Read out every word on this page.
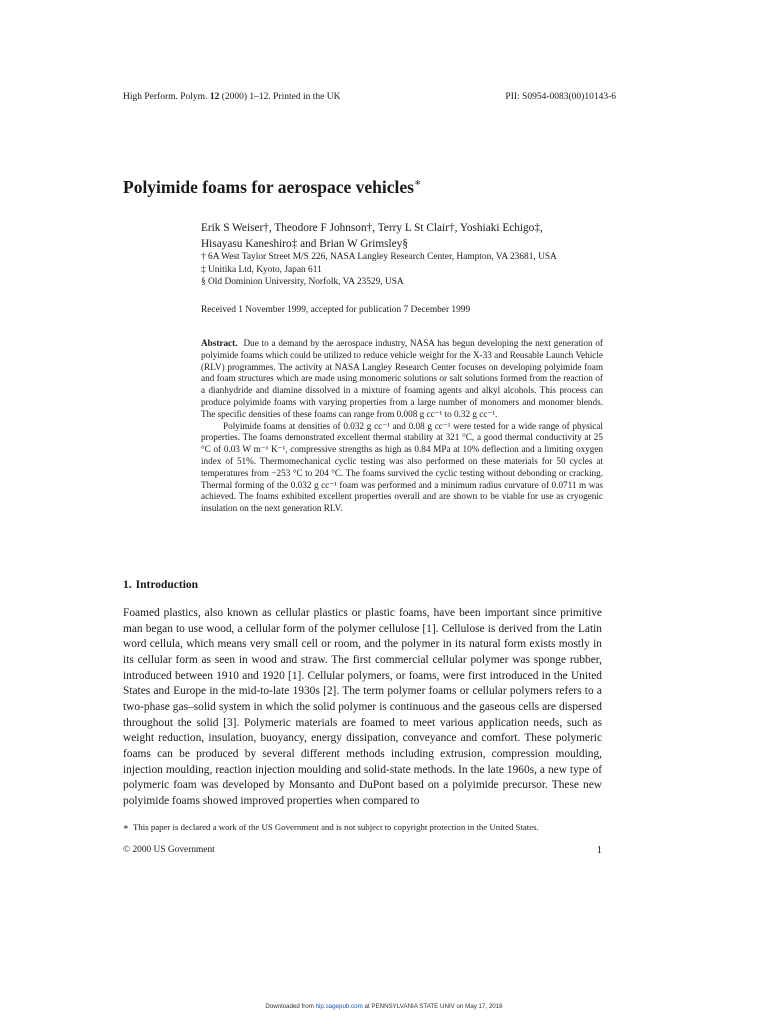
High Perform. Polym. 12 (2000) 1–12. Printed in the UK	PII: S0954-0083(00)10143-6
Polyimide foams for aerospace vehicles∗
Erik S Weiser†, Theodore F Johnson†, Terry L St Clair†, Yoshiaki Echigo‡,
Hisayasu Kaneshiro‡ and Brian W Grimsley§
† 6A West Taylor Street M/S 226, NASA Langley Research Center, Hampton, VA 23681, USA
‡ Unitika Ltd, Kyoto, Japan 611
§ Old Dominion University, Norfolk, VA 23529, USA
Received 1 November 1999, accepted for publication 7 December 1999

Abstract. Due to a demand by the aerospace industry, NASA has begun developing the next generation of polyimide foams which could be utilized to reduce vehicle weight for the X-33 and Reusable Launch Vehicle (RLV) programmes. The activity at NASA Langley Research Center focuses on developing polyimide foam and foam structures which are made using monomeric solutions or salt solutions formed from the reaction of a dianhydride and diamine dissolved in a mixture of foaming agents and alkyl alcohols. This process can produce polyimide foams with varying properties from a large number of monomers and monomer blends. The specific densities of these foams can range from 0.008 g cc⁻¹ to 0.32 g cc⁻¹.

Polyimide foams at densities of 0.032 g cc⁻¹ and 0.08 g cc⁻¹ were tested for a wide range of physical properties. The foams demonstrated excellent thermal stability at 321 °C, a good thermal conductivity at 25 °C of 0.03 W m⁻¹ K⁻¹, compressive strengths as high as 0.84 MPa at 10% deflection and a limiting oxygen index of 51%. Thermomechanical cyclic testing was also performed on these materials for 50 cycles at temperatures from −253 °C to 204 °C. The foams survived the cyclic testing without debonding or cracking. Thermal forming of the 0.032 g cc⁻¹ foam was performed and a minimum radius curvature of 0.0711 m was achieved. The foams exhibited excellent properties overall and are shown to be viable for use as cryogenic insulation on the next generation RLV.

1. Introduction

Foamed plastics, also known as cellular plastics or plastic foams, have been important since primitive man began to use wood, a cellular form of the polymer cellulose [1]. Cellulose is derived from the Latin word cellula, which means very small cell or room, and the polymer in its natural form exists mostly in its cellular form as seen in wood and straw. The first commercial cellular polymer was sponge rubber, introduced between 1910 and 1920 [1]. Cellular polymers, or foams, were first introduced in the United States and Europe in the mid-to-late 1930s [2]. The term polymer foams or cellular polymers refers to a two-phase gas–solid system in which the solid polymer is continuous and the gaseous cells are dispersed throughout the solid [3]. Polymeric materials are foamed to meet various application needs, such as weight reduction, insulation, buoyancy, energy dissipation, conveyance and comfort. These polymeric foams can be produced by several different methods including extrusion, compression moulding, injection moulding, reaction injection moulding and solid-state methods. In the late 1960s, a new type of polymeric foam was developed by Monsanto and DuPont based on a polyimide precursor. These new polyimide foams showed improved properties when compared to

∗ This paper is declared a work of the US Government and is not subject to copyright protection in the United States.
© 2000 US Government	1
Downloaded from hip.sagepub.com at PENNSYLVANIA STATE UNIV on May 17, 2016
